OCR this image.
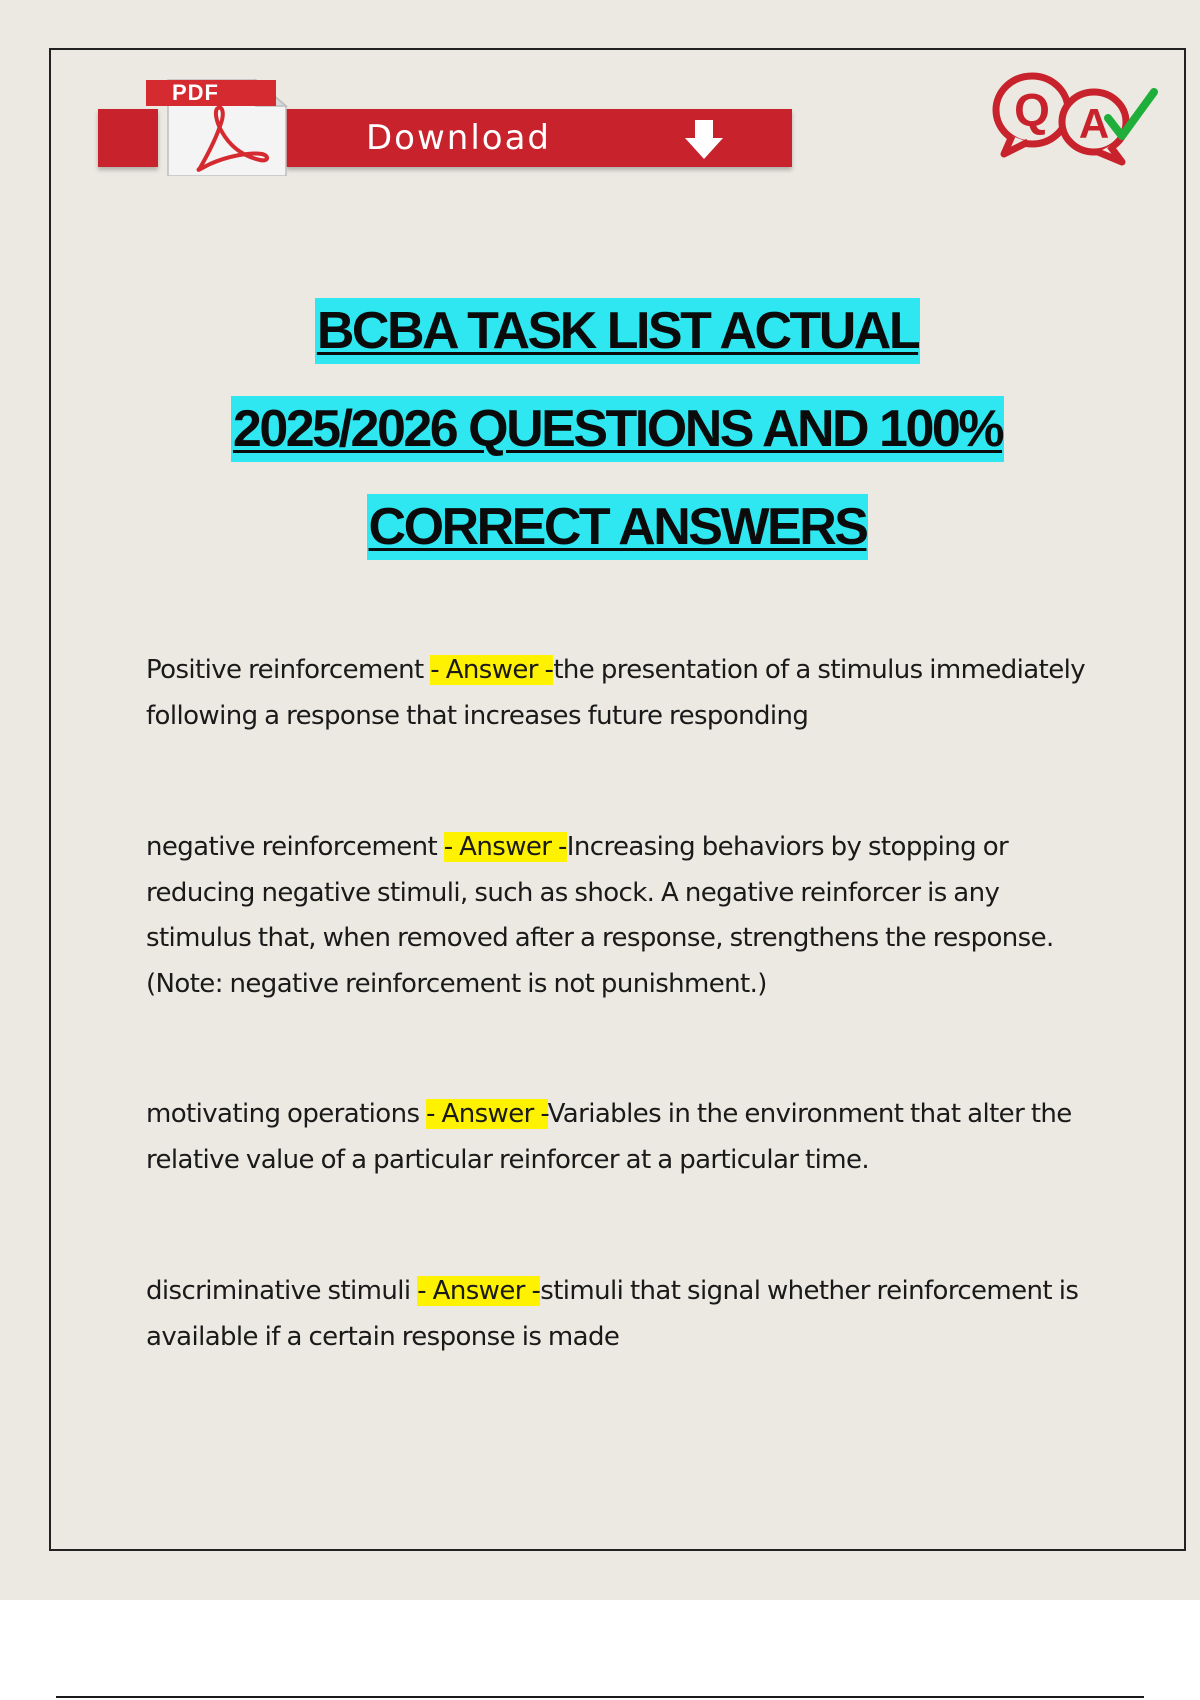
PDF
Download
Q A
BCBA TASK LIST ACTUAL
2025/2026 QUESTIONS AND 100%
CORRECT ANSWERS
Positive reinforcement - Answer -the presentation of a stimulus immediately following a response that increases future responding
negative reinforcement - Answer -Increasing behaviors by stopping or reducing negative stimuli, such as shock. A negative reinforcer is any stimulus that, when removed after a response, strengthens the response. (Note: negative reinforcement is not punishment.)
motivating operations - Answer -Variables in the environment that alter the relative value of a particular reinforcer at a particular time.
discriminative stimuli - Answer -stimuli that signal whether reinforcement is available if a certain response is made
